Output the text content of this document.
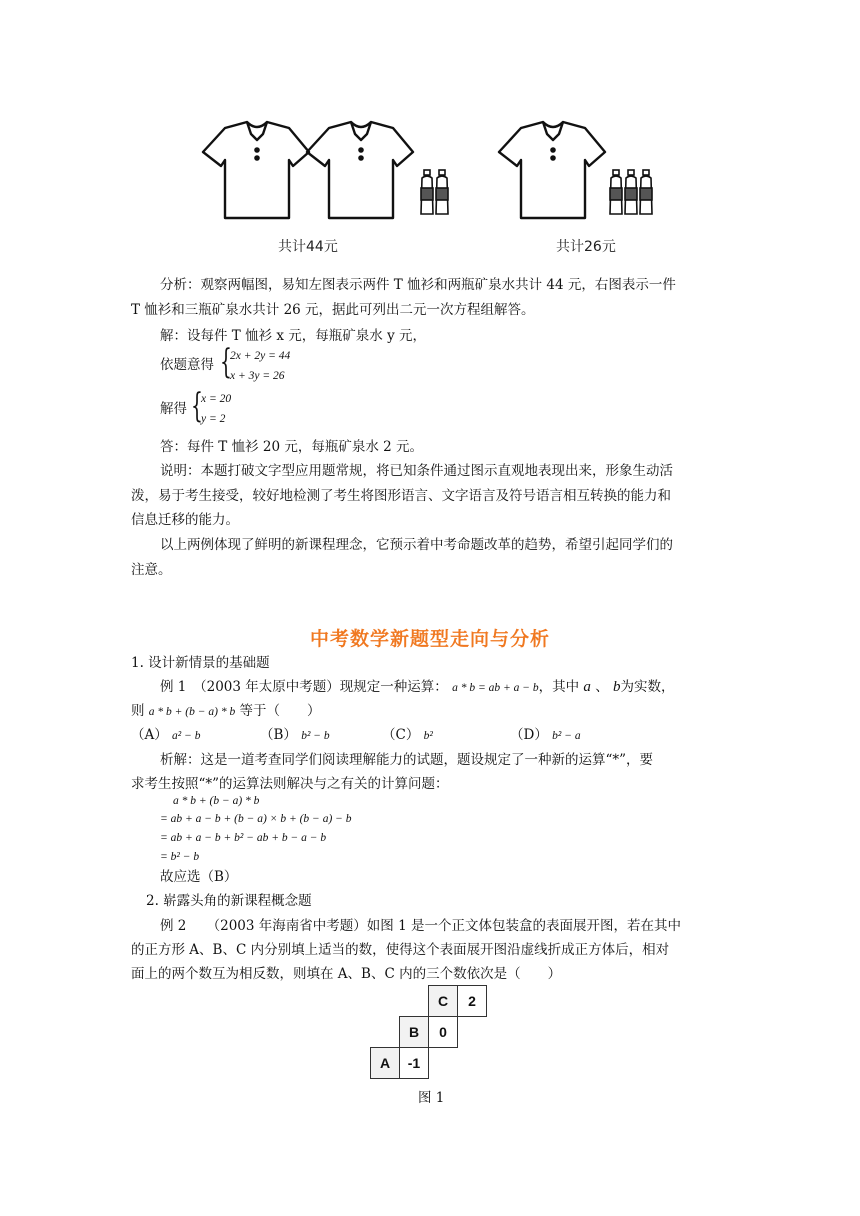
共计44元	共计26元
分析：观察两幅图，易知左图表示两件 T 恤衫和两瓶矿泉水共计 44 元，右图表示一件
T 恤衫和三瓶矿泉水共计 26 元，据此可列出二元一次方程组解答。
解：设每件 T 恤衫 x 元，每瓶矿泉水 y 元，
依题意得 {
2x + 2y = 44
x + 3y = 26
解得 {
x = 20
y = 2
答：每件 T 恤衫 20 元，每瓶矿泉水 2 元。
说明：本题打破文字型应用题常规，将已知条件通过图示直观地表现出来，形象生动活
泼，易于考生接受，较好地检测了考生将图形语言、文字语言及符号语言相互转换的能力和
信息迁移的能力。
以上两例体现了鲜明的新课程理念，它预示着中考命题改革的趋势，希望引起同学们的
注意。
中考数学新题型走向与分析
1. 设计新情景的基础题
例 1　（2003 年太原中考题）现规定一种运算： a * b = ab + a − b，其中 a 、 b为实数，
则 a * b + (b − a) * b 等于（　　）
（A） a² − b	（B） b² − b	（C） b²	（D） b² − a
析解：这是一道考查同学们阅读理解能力的试题，题设规定了一种新的运算“*”，要
求考生按照“*”的运算法则解决与之有关的计算问题：
a * b + (b − a) * b
= ab + a − b + (b − a) × b + (b − a) − b
= ab + a − b + b² − ab + b − a − b
= b² − b
故应选（B）
2. 崭露头角的新课程概念题
例 2　　（2003 年海南省中考题）如图 1 是一个正文体包装盒的表面展开图，若在其中
的正方形 A、B、C 内分别填上适当的数，使得这个表面展开图沿虚线折成正方体后，相对
面上的两个数互为相反数，则填在 A、B、C 内的三个数依次是（　　）
C	2
B	0
A	-1
图 1
